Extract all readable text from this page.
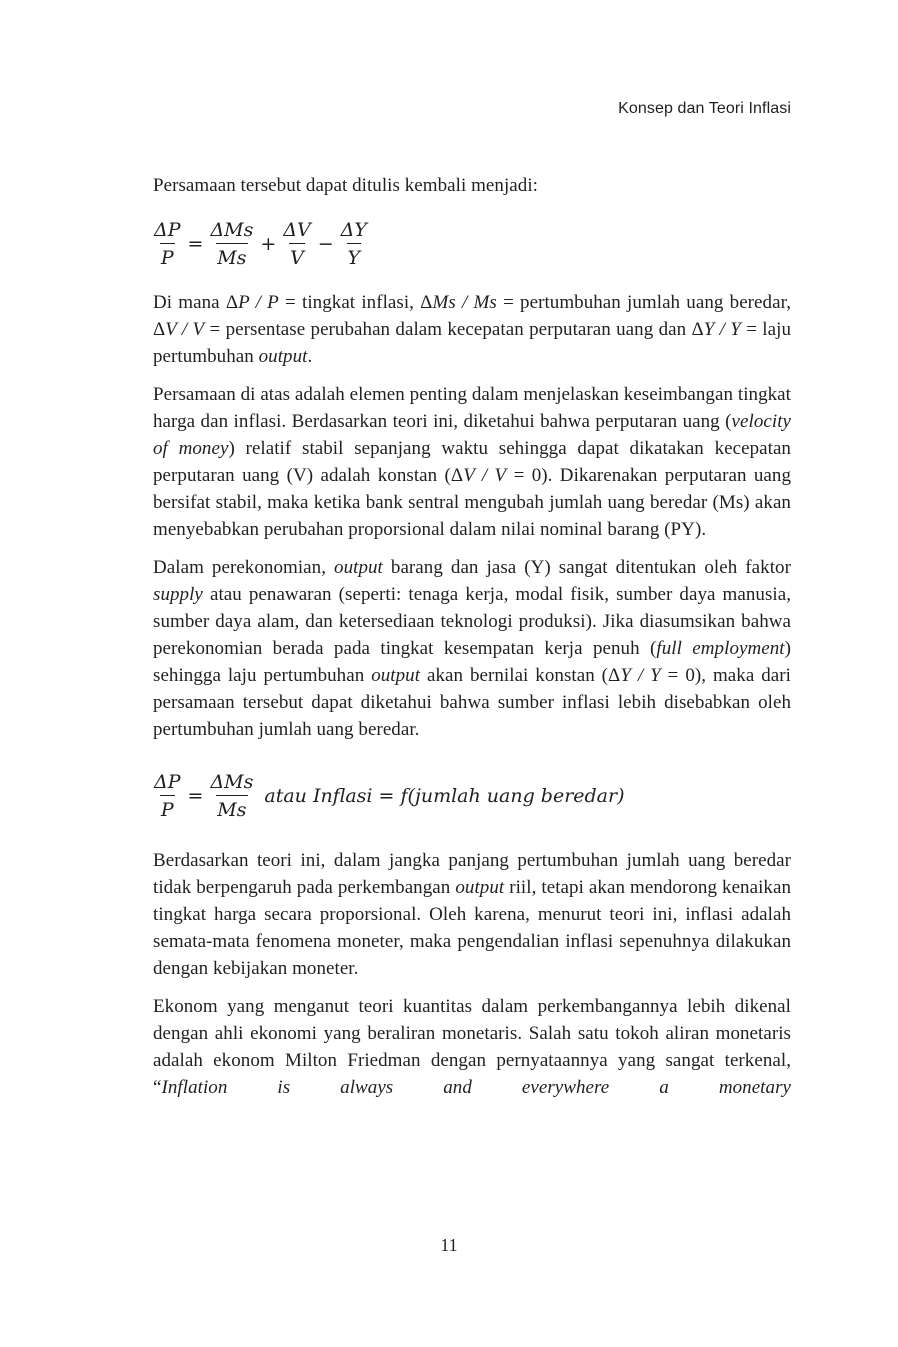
Konsep dan Teori Inflasi

Persamaan tersebut dapat ditulis kembali menjadi:

$\frac{\Delta P}{P} = \frac{\text{ΔMs}}{Ms} + \frac{\Delta V}{V} - \frac{\Delta Y}{Y}$

Di mana ΔP / P = tingkat inflasi, ΔMs / Ms = pertumbuhan jumlah uang beredar, ΔV / V = persentase perubahan dalam kecepatan perputaran uang dan ΔY / Y = laju pertumbuhan output.

Persamaan di atas adalah elemen penting dalam menjelaskan keseimbangan tingkat harga dan inflasi. Berdasarkan teori ini, diketahui bahwa perputaran uang (velocity of money) relatif stabil sepanjang waktu sehingga dapat dikatakan kecepatan perputaran uang (V) adalah konstan (ΔV / V = 0). Dikarenakan perputaran uang bersifat stabil, maka ketika bank sentral mengubah jumlah uang beredar (Ms) akan menyebabkan perubahan proporsional dalam nilai nominal barang (PY).

Dalam perekonomian, output barang dan jasa (Y) sangat ditentukan oleh faktor supply atau penawaran (seperti: tenaga kerja, modal fisik, sumber daya manusia, sumber daya alam, dan ketersediaan teknologi produksi). Jika diasumsikan bahwa perekonomian berada pada tingkat kesempatan kerja penuh (full employment) sehingga laju pertumbuhan output akan bernilai konstan (ΔY / Y = 0), maka dari persamaan tersebut dapat diketahui bahwa sumber inflasi lebih disebabkan oleh pertumbuhan jumlah uang beredar.

$\frac{\Delta P}{P} = \frac{\text{ΔMs}}{Ms}$ atau Inflasi = f(jumlah uang beredar)

Berdasarkan teori ini, dalam jangka panjang pertumbuhan jumlah uang beredar tidak berpengaruh pada perkembangan output riil, tetapi akan mendorong kenaikan tingkat harga secara proporsional. Oleh karena, menurut teori ini, inflasi adalah semata-mata fenomena moneter, maka pengendalian inflasi sepenuhnya dilakukan dengan kebijakan moneter.

Ekonom yang menganut teori kuantitas dalam perkembangannya lebih dikenal dengan ahli ekonomi yang beraliran monetaris. Salah satu tokoh aliran monetaris adalah ekonom Milton Friedman dengan pernyataannya yang sangat terkenal, “Inflation is always and everywhere a monetary

11
